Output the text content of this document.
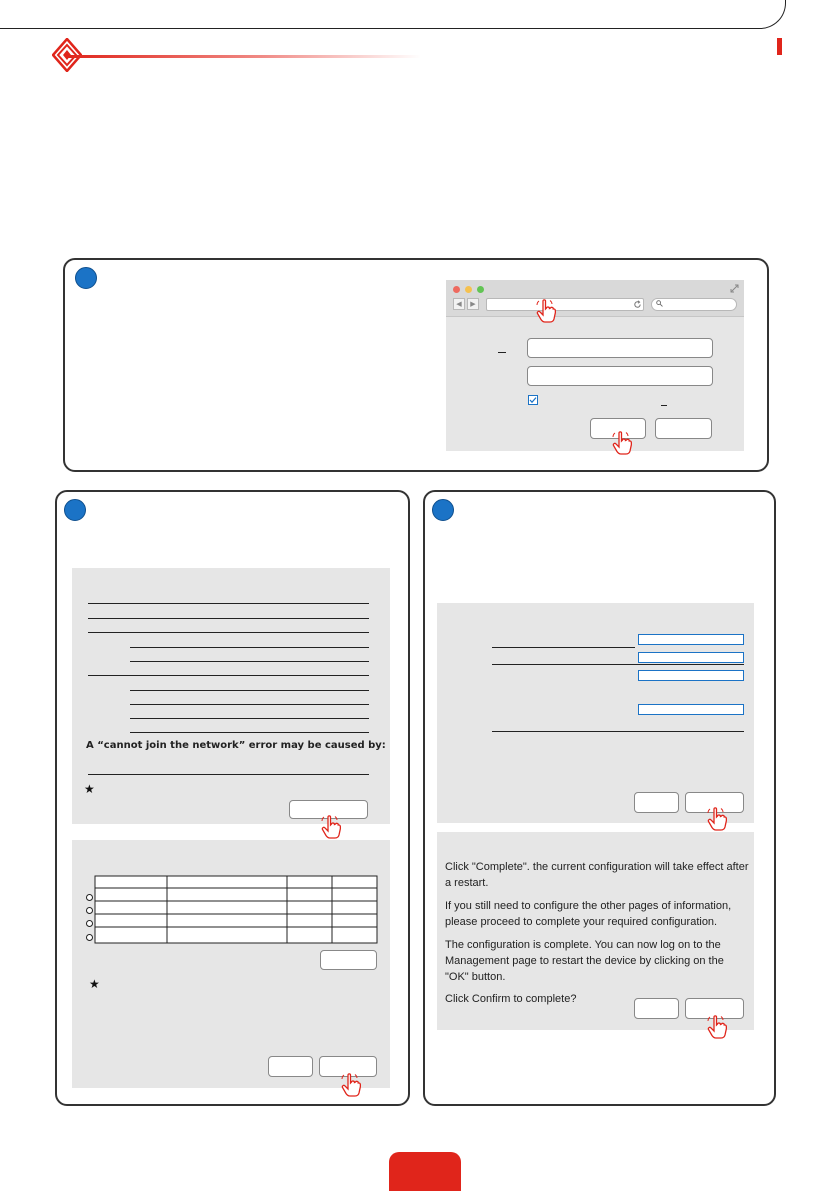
◀	▶
A “cannot join the network” error may be caused by:
★
★
Click "Complete". the current configuration will take effect after a restart.
If you still need to configure the other pages of information, please proceed to complete your required configuration.
The configuration is complete. You can now log on to the Management page to restart the device by clicking on the "OK" button.
Click Confirm to complete?
